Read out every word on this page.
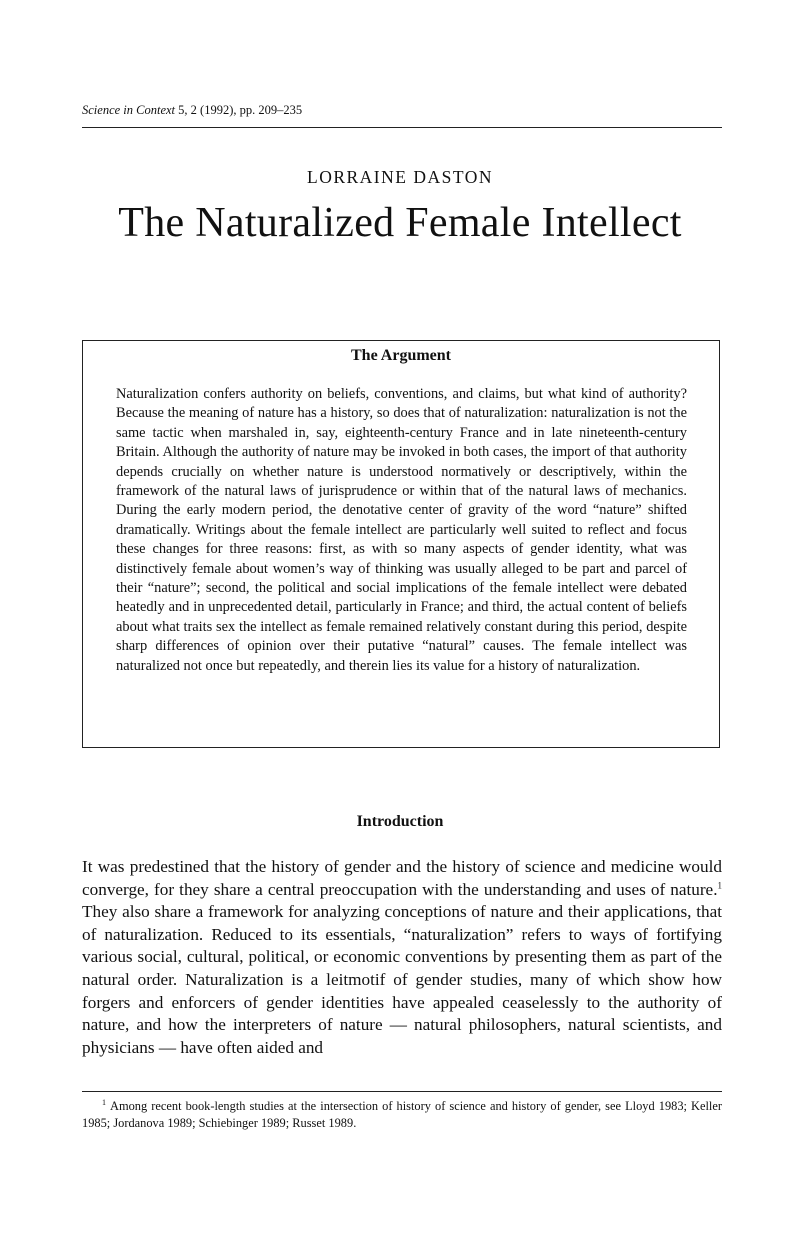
Science in Context 5, 2 (1992), pp. 209–235
LORRAINE DASTON
The Naturalized Female Intellect
The Argument
Naturalization confers authority on beliefs, conventions, and claims, but what kind of authority? Because the meaning of nature has a history, so does that of naturalization: naturalization is not the same tactic when marshaled in, say, eighteenth-century France and in late nineteenth-century Britain. Although the authority of nature may be invoked in both cases, the import of that authority depends crucially on whether nature is understood normatively or descriptively, within the framework of the natural laws of jurisprudence or within that of the natural laws of mechanics. During the early modern period, the denotative center of gravity of the word “nature” shifted dramatically. Writings about the female intellect are particularly well suited to reflect and focus these changes for three reasons: first, as with so many aspects of gender identity, what was distinctively female about women’s way of thinking was usually alleged to be part and parcel of their “nature”; second, the political and social implications of the female intellect were debated heatedly and in unprecedented detail, particularly in France; and third, the actual content of beliefs about what traits sex the intellect as female remained relatively constant during this period, despite sharp differences of opinion over their putative “natural” causes. The female intellect was naturalized not once but repeatedly, and therein lies its value for a history of naturalization.
Introduction
It was predestined that the history of gender and the history of science and medicine would converge, for they share a central preoccupation with the understanding and uses of nature.$^1$ They also share a framework for analyzing conceptions of nature and their applications, that of naturalization. Reduced to its essentials, “naturalization” refers to ways of fortifying various social, cultural, political, or economic conventions by presenting them as part of the natural order. Naturalization is a leitmotif of gender studies, many of which show how forgers and enforcers of gender identities have appealed ceaselessly to the authority of nature, and how the interpreters of nature — natural philosophers, natural scientists, and physicians — have often aided and
$^1$ Among recent book-length studies at the intersection of history of science and history of gender, see Lloyd 1983; Keller 1985; Jordanova 1989; Schiebinger 1989; Russet 1989.
